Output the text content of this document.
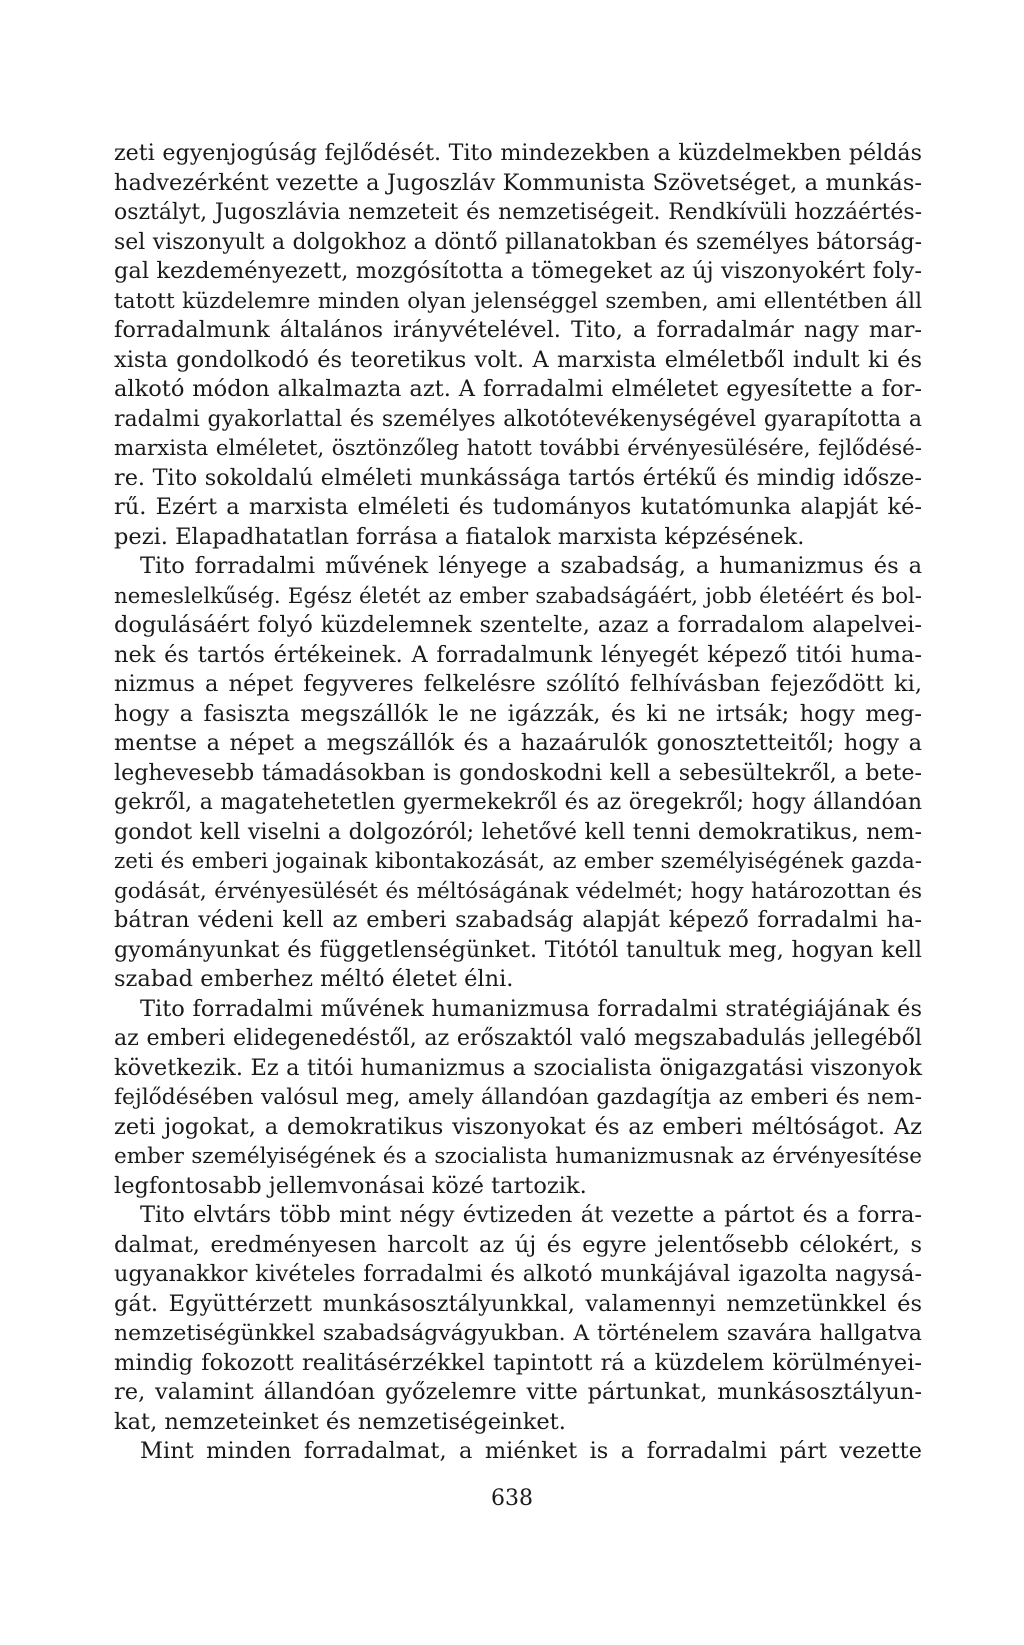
zeti egyenjogúság fejlődését. Tito mindezekben a küzdelmekben példás
hadvezérként vezette a Jugoszláv Kommunista Szövetséget, a munkás-
osztályt, Jugoszlávia nemzeteit és nemzetiségeit. Rendkívüli hozzáértés-
sel viszonyult a dolgokhoz a döntő pillanatokban és személyes bátorság-
gal kezdeményezett, mozgósította a tömegeket az új viszonyokért foly-
tatott küzdelemre minden olyan jelenséggel szemben, ami ellentétben áll
forradalmunk általános irányvételével. Tito, a forradalmár nagy mar-
xista gondolkodó és teoretikus volt. A marxista elméletből indult ki és
alkotó módon alkalmazta azt. A forradalmi elméletet egyesítette a for-
radalmi gyakorlattal és személyes alkotótevékenységével gyarapította a
marxista elméletet, ösztönzőleg hatott további érvényesülésére, fejlődésé-
re. Tito sokoldalú elméleti munkássága tartós értékű és mindig időszе-
rű. Ezért a marxista elméleti és tudományos kutatómunka alapját ké-
pezi. Elapadhatatlan forrása a fiatalok marxista képzésének.
Tito forradalmi művének lényege a szabadság, a humanizmus és a
nemeslelkűség. Egész életét az ember szabadságáért, jobb életéért és bol-
dogulásáért folyó küzdelemnek szentelte, azaz a forradalom alapelvei-
nek és tartós értékeinek. A forradalmunk lényegét képező titói huma-
nizmus a népet fegyveres felkelésre szólító felhívásban fejeződött ki,
hogy a fasiszta megszállók le ne igázzák, és ki ne irtsák; hogy meg-
mentse a népet a megszállók és a hazaárulók gonosztetteitől; hogy a
leghevesebb támadásokban is gondoskodni kell a sebesültekről, a bete-
gekről, a magatehetetlen gyermekekről és az öregekről; hogy állandóan
gondot kell viselni a dolgozóról; lehetővé kell tenni demokratikus, nem-
zeti és emberi jogainak kibontakozását, az ember személyiségének gazda-
godását, érvényesülését és méltóságának védelmét; hogy határozottan és
bátran védeni kell az emberi szabadság alapját képező forradalmi ha-
gyományunkat és függetlenségünket. Titótól tanultuk meg, hogyan kell
szabad emberhez méltó életet élni.
Tito forradalmi művének humanizmusa forradalmi stratégiájának és
az emberi elidegenedéstől, az erőszaktól való megszabadulás jellegéből
következik. Ez a titói humanizmus a szocialista önigazgatási viszonyok
fejlődésében valósul meg, amely állandóan gazdagítja az emberi és nem-
zeti jogokat, a demokratikus viszonyokat és az emberi méltóságot. Az
ember személyiségének és a szocialista humanizmusnak az érvényesítése
legfontosabb jellemvonásai közé tartozik.
Tito elvtárs több mint négy évtizeden át vezette a pártot és a forra-
dalmat, eredményesen harcolt az új és egyre jelentősebb célokért, s
ugyanakkor kivételes forradalmi és alkotó munkájával igazolta nagysá-
gát. Együttérzett munkásosztályunkkal, valamennyi nemzetünkkel és
nemzetiségünkkel szabadságvágyukban. A történelem szavára hallgatva
mindig fokozott realitásérzékkel tapintott rá a küzdelem körülményei-
re, valamint állandóan győzelemre vitte pártunkat, munkásosztályun-
kat, nemzeteinket és nemzetiségeinket.
Mint minden forradalmat, a miénket is a forradalmi párt vezette
638
